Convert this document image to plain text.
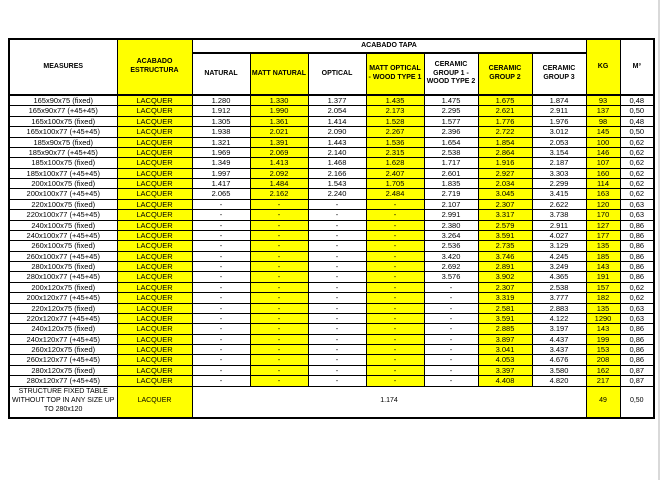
MEASURES	ACABADO ESTRUCTURA	ACABADO TAPA							KG	M³
		NATURAL	MATT NATURAL	OPTICAL	MATT OPTICAL - WOOD TYPE 1	CERAMIC GROUP 1 - WOOD TYPE 2	CERAMIC GROUP 2	CERAMIC GROUP 3		
165x90x75 (fixed)	LACQUER	1.280	1.330	1.377	1.435	1.475	1.675	1.874	93	0,48
165x90x77 (+45+45)	LACQUER	1.912	1.990	2.054	2.173	2.295	2.621	2.911	137	0,50
165x100x75 (fixed)	LACQUER	1.305	1.361	1.414	1.528	1.577	1.776	1.976	98	0,48
165x100x77 (+45+45)	LACQUER	1.938	2.021	2.090	2.267	2.396	2.722	3.012	145	0,50
185x90x75 (fixed)	LACQUER	1.321	1.391	1.443	1.536	1.654	1.854	2.053	100	0,62
185x90x77 (+45+45)	LACQUER	1.969	2.069	2.140	2.315	2.538	2.864	3.154	146	0,62
185x100x75 (fixed)	LACQUER	1.349	1.413	1.468	1.628	1.717	1.916	2.187	107	0,62
185x100x77 (+45+45)	LACQUER	1.997	2.092	2.166	2.407	2.601	2.927	3.303	160	0,62
200x100x75 (fixed)	LACQUER	1.417	1.484	1.543	1.705	1.835	2.034	2.299	114	0,62
200x100x77 (+45+45)	LACQUER	2.065	2.162	2.240	2.484	2.719	3.045	3.415	163	0,62
220x100x75 (fixed)	LACQUER	-	-	-	-	2.107	2.307	2.622	120	0,63
220x100x77 (+45+45)	LACQUER	-	-	-	-	2.991	3.317	3.738	170	0,63
240x100x75 (fixed)	LACQUER	-	-	-	-	2.380	2.579	2.911	127	0,86
240x100x77 (+45+45)	LACQUER	-	-	-	-	3.264	3.591	4.027	177	0,86
260x100x75 (fixed)	LACQUER	-	-	-	-	2.536	2.735	3.129	135	0,86
260x100x77 (+45+45)	LACQUER	-	-	-	-	3.420	3.746	4.245	185	0,86
280x100x75 (fixed)	LACQUER	-	-	-	-	2.692	2.891	3.249	143	0,86
280x100x77 (+45+45)	LACQUER	-	-	-	-	3.576	3.902	4.365	191	0,86
200x120x75 (fixed)	LACQUER	-	-	-	-	-	2.307	2.538	157	0,62
200x120x77 (+45+45)	LACQUER	-	-	-	-	-	3.319	3.777	182	0,62
220x120x75 (fixed)	LACQUER	-	-	-	-	-	2.581	2.883	135	0,63
220x120x77 (+45+45)	LACQUER	-	-	-	-	-	3.591	4.122	1290	0,63
240x120x75 (fixed)	LACQUER	-	-	-	-	-	2.885	3.197	143	0,86
240x120x77 (+45+45)	LACQUER	-	-	-	-	-	3.897	4.437	199	0,86
260x120x75 (fixed)	LACQUER	-	-	-	-	-	3.041	3.437	153	0,86
260x120x77 (+45+45)	LACQUER	-	-	-	-	-	4.053	4.676	208	0,86
280x120x75 (fixed)	LACQUER	-	-	-	-	-	3.397	3.580	162	0,87
280x120x77 (+45+45)	LACQUER	-	-	-	-	-	4.408	4.820	217	0,87
STRUCTURE FIXED TABLE WITHOUT TOP IN ANY SIZE UP TO 280x120	LACQUER	1.174							49	0,50
